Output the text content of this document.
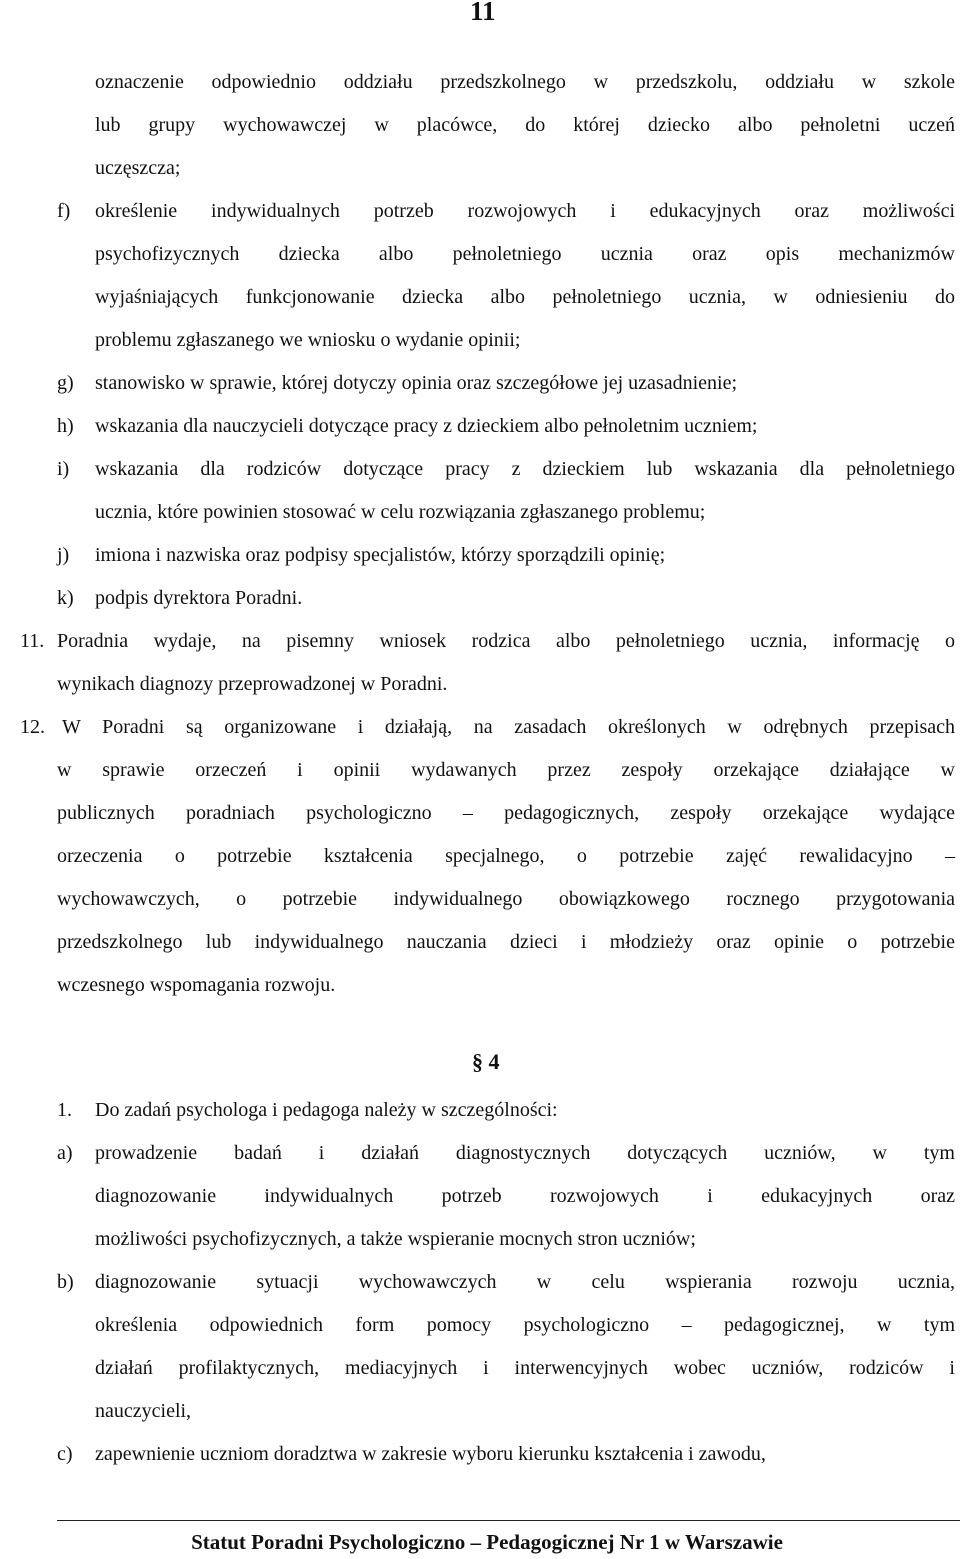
11
oznaczenie odpowiednio oddziału przedszkolnego w przedszkolu, oddziału w szkole
lub grupy wychowawczej w placówce, do której dziecko albo pełnoletni uczeń
uczęszcza;
f) określenie indywidualnych potrzeb rozwojowych i edukacyjnych oraz możliwości
psychofizycznych dziecka albo pełnoletniego ucznia oraz opis mechanizmów
wyjaśniających funkcjonowanie dziecka albo pełnoletniego ucznia, w odniesieniu do
problemu zgłaszanego we wniosku o wydanie opinii;
g) stanowisko w sprawie, której dotyczy opinia oraz szczegółowe jej uzasadnienie;
h) wskazania dla nauczycieli dotyczące pracy z dzieckiem albo pełnoletnim uczniem;
i) wskazania dla rodziców dotyczące pracy z dzieckiem lub wskazania dla pełnoletniego
ucznia, które powinien stosować w celu rozwiązania zgłaszanego problemu;
j) imiona i nazwiska oraz podpisy specjalistów, którzy sporządzili opinię;
k) podpis dyrektora Poradni.
11. Poradnia wydaje, na pisemny wniosek rodzica albo pełnoletniego ucznia, informację o
wynikach diagnozy przeprowadzonej w Poradni.
12. W Poradni są organizowane i działają, na zasadach określonych w odrębnych przepisach
w sprawie orzeczeń i opinii wydawanych przez zespoły orzekające działające w
publicznych poradniach psychologiczno – pedagogicznych, zespoły orzekające wydające
orzeczenia o potrzebie kształcenia specjalnego, o potrzebie zajęć rewalidacyjno –
wychowawczych, o potrzebie indywidualnego obowiązkowego rocznego przygotowania
przedszkolnego lub indywidualnego nauczania dzieci i młodzieży oraz opinie o potrzebie
wczesnego wspomagania rozwoju.
§ 4
1. Do zadań psychologa i pedagoga należy w szczególności:
a) prowadzenie badań i działań diagnostycznych dotyczących uczniów, w tym
diagnozowanie indywidualnych potrzeb rozwojowych i edukacyjnych oraz
możliwości psychofizycznych, a także wspieranie mocnych stron uczniów;
b) diagnozowanie sytuacji wychowawczych w celu wspierania rozwoju ucznia,
określenia odpowiednich form pomocy psychologiczno – pedagogicznej, w tym
działań profilaktycznych, mediacyjnych i interwencyjnych wobec uczniów, rodziców i
nauczycieli,
c) zapewnienie uczniom doradztwa w zakresie wyboru kierunku kształcenia i zawodu,
Statut Poradni Psychologiczno – Pedagogicznej Nr 1 w Warszawie
